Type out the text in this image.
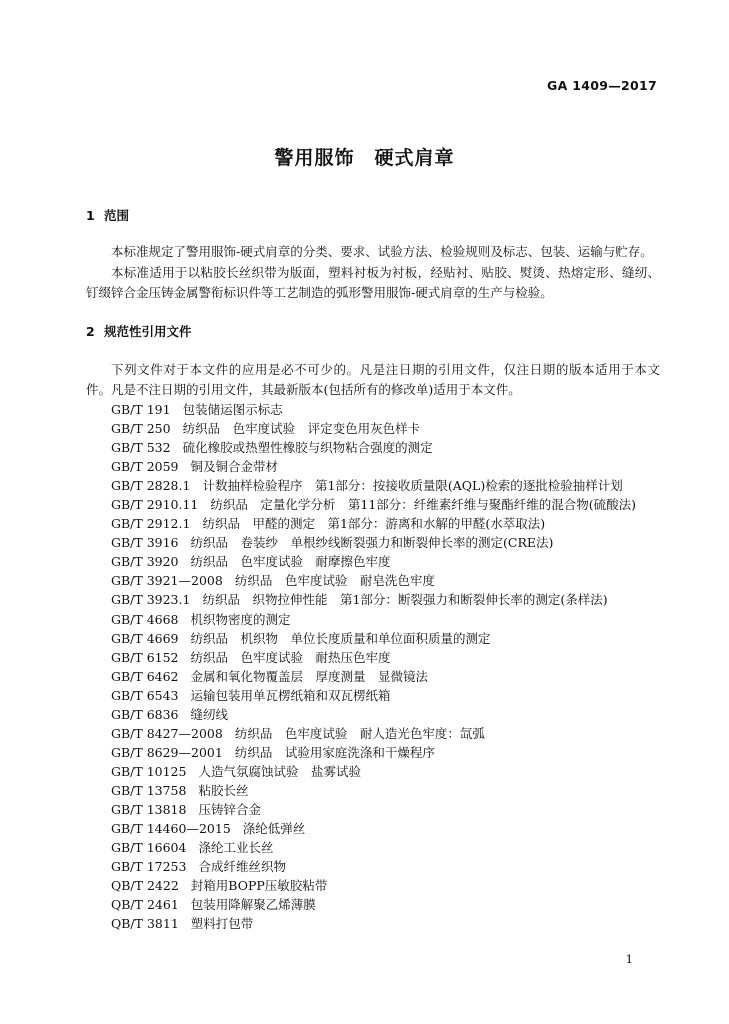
GA 1409—2017
警用服饰　硬式肩章
1 范围

本标准规定了警用服饰-硬式肩章的分类、要求、试验方法、检验规则及标志、包装、运输与贮存。

本标准适用于以粘胶长丝织带为版面，塑料衬板为衬板，经贴衬、贴胶、熨烫、热熔定形、缝纫、钉缀锌合金压铸金属警衔标识件等工艺制造的弧形警用服饰-硬式肩章的生产与检验。

2 规范性引用文件

下列文件对于本文件的应用是必不可少的。凡是注日期的引用文件，仅注日期的版本适用于本文件。凡是不注日期的引用文件，其最新版本(包括所有的修改单)适用于本文件。

GB/T 191 包装储运图示标志
GB/T 250 纺织品　色牢度试验　评定变色用灰色样卡
GB/T 532 硫化橡胶或热塑性橡胶与织物粘合强度的测定
GB/T 2059 铜及铜合金带材
GB/T 2828.1 计数抽样检验程序　第1部分：按接收质量限(AQL)检索的逐批检验抽样计划
GB/T 2910.11 纺织品　定量化学分析　第11部分：纤维素纤维与聚酯纤维的混合物(硫酸法)
GB/T 2912.1 纺织品　甲醛的测定　第1部分：游离和水解的甲醛(水萃取法)
GB/T 3916 纺织品　卷装纱　单根纱线断裂强力和断裂伸长率的测定(CRE法)
GB/T 3920 纺织品　色牢度试验　耐摩擦色牢度
GB/T 3921—2008 纺织品　色牢度试验　耐皂洗色牢度
GB/T 3923.1 纺织品　织物拉伸性能　第1部分：断裂强力和断裂伸长率的测定(条样法)
GB/T 4668 机织物密度的测定
GB/T 4669 纺织品　机织物　单位长度质量和单位面积质量的测定
GB/T 6152 纺织品　色牢度试验　耐热压色牢度
GB/T 6462 金属和氧化物覆盖层　厚度测量　显微镜法
GB/T 6543 运输包装用单瓦楞纸箱和双瓦楞纸箱
GB/T 6836 缝纫线
GB/T 8427—2008 纺织品　色牢度试验　耐人造光色牢度：氙弧
GB/T 8629—2001 纺织品　试验用家庭洗涤和干燥程序
GB/T 10125 人造气氛腐蚀试验　盐雾试验
GB/T 13758 粘胶长丝
GB/T 13818 压铸锌合金
GB/T 14460—2015 涤纶低弹丝
GB/T 16604 涤纶工业长丝
GB/T 17253 合成纤维丝织物
QB/T 2422 封箱用BOPP压敏胶粘带
QB/T 2461 包装用降解聚乙烯薄膜
QB/T 3811 塑料打包带
1
